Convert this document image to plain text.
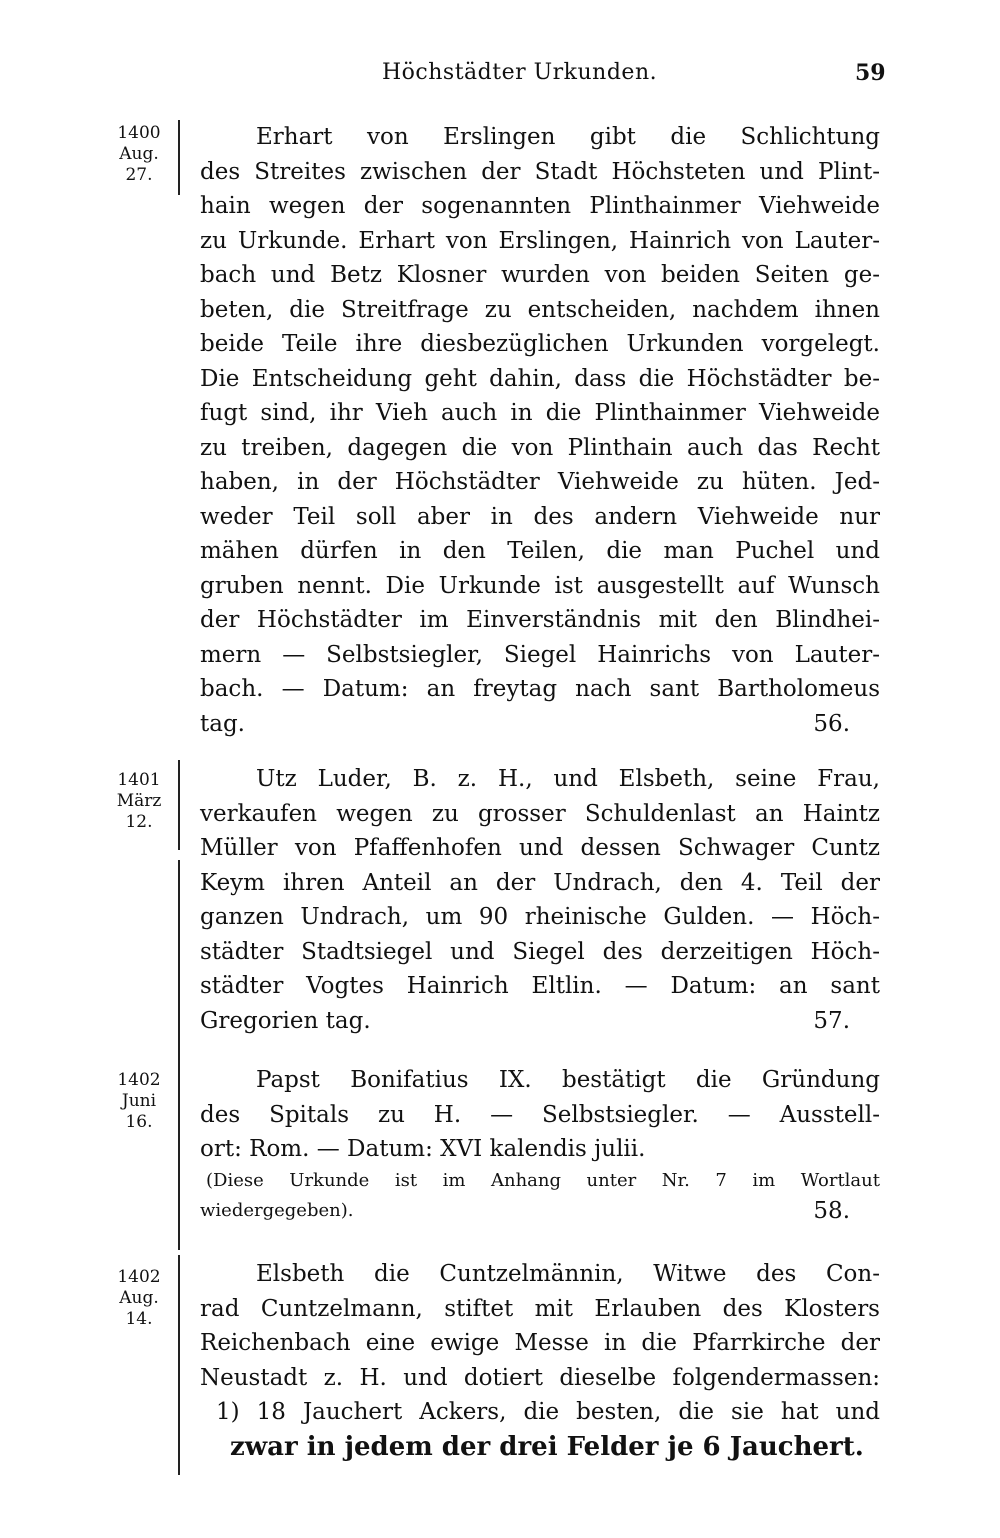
Höchstädter Urkunden.	59
1400
Aug.
27.
Erhart von Erslingen gibt die Schlichtung
des Streites zwischen der Stadt Höchsteten und Plint-
hain wegen der sogenannten Plinthainmer Viehweide
zu Urkunde. Erhart von Erslingen, Hainrich von Lauter-
bach und Betz Klosner wurden von beiden Seiten ge-
beten, die Streitfrage zu entscheiden, nachdem ihnen
beide Teile ihre diesbezüglichen Urkunden vorgelegt.
Die Entscheidung geht dahin, dass die Höchstädter be-
fugt sind, ihr Vieh auch in die Plinthainmer Viehweide
zu treiben, dagegen die von Plinthain auch das Recht
haben, in der Höchstädter Viehweide zu hüten. Jed-
weder Teil soll aber in des andern Viehweide nur
mähen dürfen in den Teilen, die man Puchel und
gruben nennt. Die Urkunde ist ausgestellt auf Wunsch
der Höchstädter im Einverständnis mit den Blindhei-
mern — Selbstsiegler, Siegel Hainrichs von Lauter-
bach. — Datum: an freytag nach sant Bartholomeus
tag.	56.
1401
März
12.
Utz Luder, B. z. H., und Elsbeth, seine Frau,
verkaufen wegen zu grosser Schuldenlast an Haintz
Müller von Pfaffenhofen und dessen Schwager Cuntz
Keym ihren Anteil an der Undrach, den 4. Teil der
ganzen Undrach, um 90 rheinische Gulden. — Höch-
städter Stadtsiegel und Siegel des derzeitigen Höch-
städter Vogtes Hainrich Eltlin. — Datum: an sant
Gregorien tag.	57.
1402
Juni
16.
Papst Bonifatius IX. bestätigt die Gründung
des Spitals zu H. — Selbstsiegler. — Ausstell-
ort: Rom. — Datum: XVI kalendis julii.
(Diese Urkunde ist im Anhang unter Nr. 7 im Wortlaut
wiedergegeben).	58.
1402
Aug.
14.
Elsbeth die Cuntzelmännin, Witwe des Con-
rad Cuntzelmann, stiftet mit Erlauben des Klosters
Reichenbach eine ewige Messe in die Pfarrkirche der
Neustadt z. H. und dotiert dieselbe folgendermassen:
1) 18 Jauchert Ackers, die besten, die sie hat und
zwar in jedem der drei Felder je 6 Jauchert.
